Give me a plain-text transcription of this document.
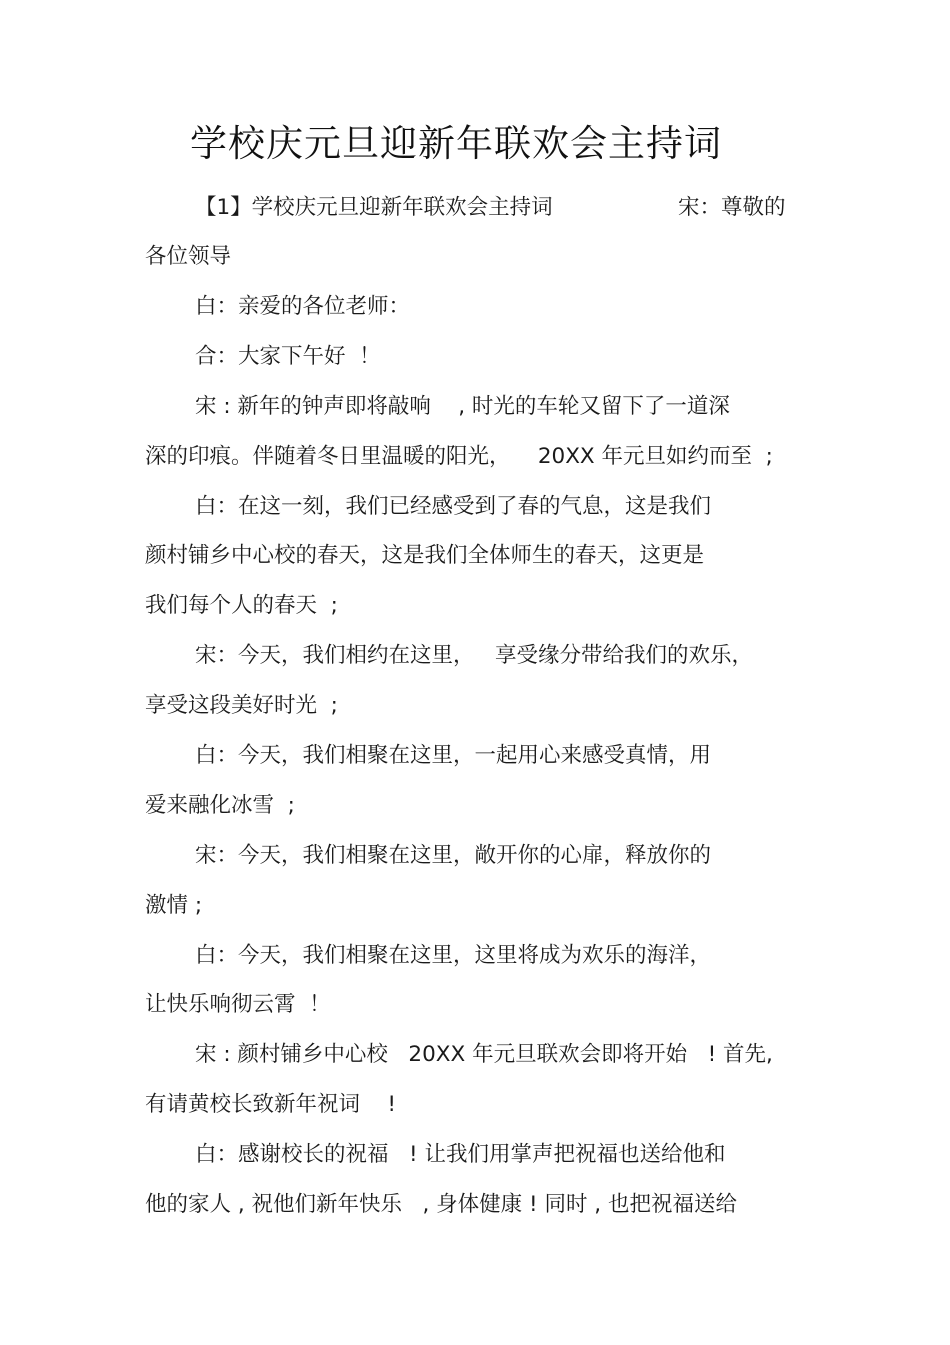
学校庆元旦迎新年联欢会主持词
【1】学校庆元旦迎新年联欢会主持词	宋：尊敬的
各位领导
白：亲爱的各位老师：
合：大家下午好  ！
宋 : 新年的钟声即将敲响    , 时光的车轮又留下了一道深
深的印痕。伴随着冬日里温暖的阳光，    20XX 年元旦如约而至  ;
白：在这一刻，我们已经感受到了春的气息，这是我们
颜村铺乡中心校的春天，这是我们全体师生的春天，这更是
我们每个人的春天  ;
宋：今天，我们相约在这里，   享受缘分带给我们的欢乐，
享受这段美好时光  ;
白：今天，我们相聚在这里，一起用心来感受真情，用
爱来融化冰雪  ;
宋：今天，我们相聚在这里，敞开你的心扉，释放你的
激情 ;
白：今天，我们相聚在这里，这里将成为欢乐的海洋，
让快乐响彻云霄  ！
宋 : 颜村铺乡中心校   20XX 年元旦联欢会即将开始   ! 首先,
有请黄校长致新年祝词    !
白：感谢校长的祝福   ! 让我们用掌声把祝福也送给他和
他的家人 , 祝他们新年快乐   , 身体健康 ! 同时 , 也把祝福送给
